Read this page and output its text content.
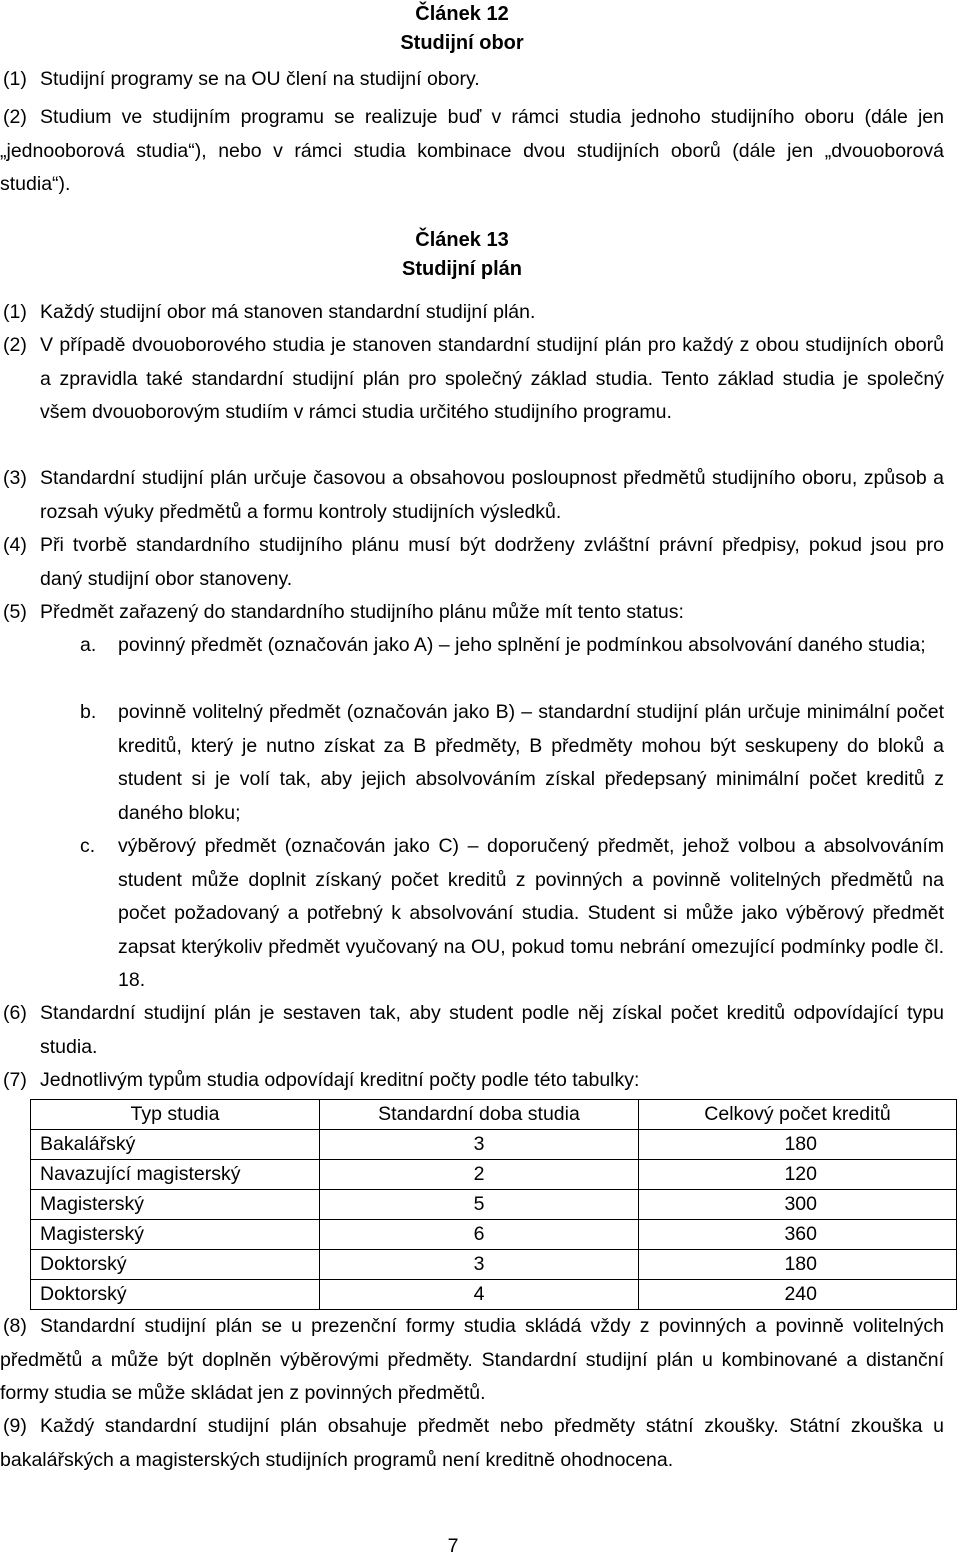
Článek 12
Studijní obor
(1) Studijní programy se na OU člení na studijní obory.
(2) Studium ve studijním programu se realizuje buď v rámci studia jednoho studijního oboru (dále jen „jednooborová studia“), nebo v rámci studia kombinace dvou studijních oborů (dále jen „dvouoborová studia“).
Článek 13
Studijní plán
(1) Každý studijní obor má stanoven standardní studijní plán.
(2) V případě dvouoborového studia je stanoven standardní studijní plán pro každý z obou studijních oborů a zpravidla také standardní studijní plán pro společný základ studia. Tento základ studia je společný všem dvouoborovým studiím v rámci studia určitého studijního programu.
(3) Standardní studijní plán určuje časovou a obsahovou posloupnost předmětů studijního oboru, způsob a rozsah výuky předmětů a formu kontroly studijních výsledků.
(4) Při tvorbě standardního studijního plánu musí být dodrženy zvláštní právní předpisy, pokud jsou pro daný studijní obor stanoveny.
(5) Předmět zařazený do standardního studijního plánu může mít tento status:
a. povinný předmět (označován jako A) – jeho splnění je podmínkou absolvování daného studia;
b. povinně volitelný předmět (označován jako B) – standardní studijní plán určuje minimální počet kreditů, který je nutno získat za B předměty, B předměty mohou být seskupeny do bloků a student si je volí tak, aby jejich absolvováním získal předepsaný minimální počet kreditů z daného bloku;
c. výběrový předmět (označován jako C) – doporučený předmět, jehož volbou a absolvováním student může doplnit získaný počet kreditů z povinných a povinně volitelných předmětů na počet požadovaný a potřebný k absolvování studia. Student si může jako výběrový předmět zapsat kterýkoliv předmět vyučovaný na OU, pokud tomu nebrání omezující podmínky podle čl. 18.
(6) Standardní studijní plán je sestaven tak, aby student podle něj získal počet kreditů odpovídající typu studia.
(7) Jednotlivým typům studia odpovídají kreditní počty podle této tabulky:
Typ studia	Standardní doba studia	Celkový počet kreditů
Bakalářský	3	180
Navazující magisterský	2	120
Magisterský	5	300
Magisterský	6	360
Doktorský	3	180
Doktorský	4	240
(8) Standardní studijní plán se u prezenční formy studia skládá vždy z povinných a povinně volitelných předmětů a může být doplněn výběrovými předměty. Standardní studijní plán u kombinované a distanční formy studia se může skládat jen z povinných předmětů.
(9) Každý standardní studijní plán obsahuje předmět nebo předměty státní zkoušky. Státní zkouška u bakalářských a magisterských studijních programů není kreditně ohodnocena.
7
